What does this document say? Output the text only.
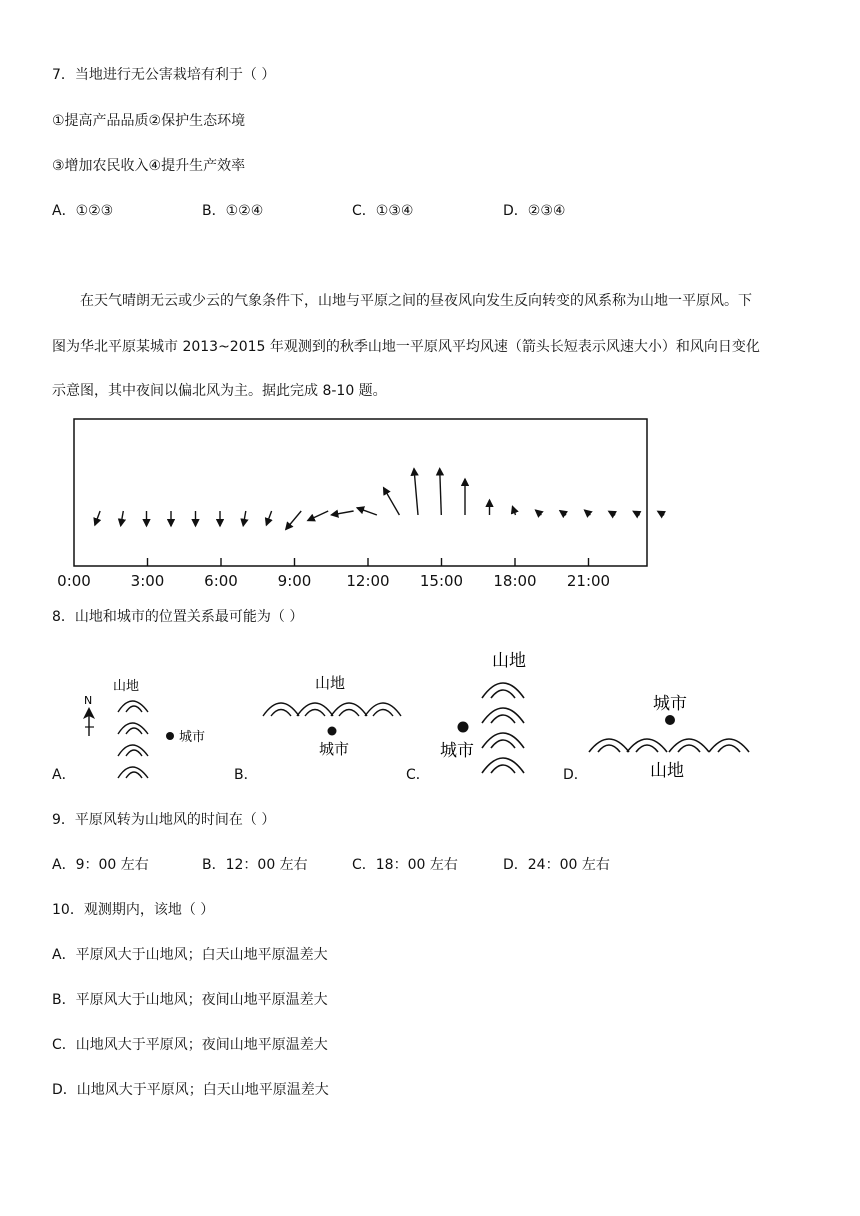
7．当地进行无公害栽培有利于（ ）
①提高产品品质②保护生态环境
③增加农民收入④提升生产效率
A．①②③	B．①②④	C．①③④	D．②③④
在天气晴朗无云或少云的气象条件下，山地与平原之间的昼夜风向发生反向转变的风系称为山地一平原风。下
图为华北平原某城市 2013~2015 年观测到的秋季山地一平原风平均风速（箭头长短表示风速大小）和风向日变化
示意图，其中夜间以偏北风为主。据此完成 8-10 题。
0:00	3:00	6:00	9:00 12:00 15:00 18:00 21:00
8．山地和城市的位置关系最可能为（ ）
A．	B．	C．	D．
N
山地
城市
山地
城市
山地
城市
城市
山地
9．平原风转为山地风的时间在（ ）
A．9：00 左右	B．12：00 左右	C．18：00 左右	D．24：00 左右
10．观测期内，该地（ ）
A．平原风大于山地风；白天山地平原温差大
B．平原风大于山地风；夜间山地平原温差大
C．山地风大于平原风；夜间山地平原温差大
D．山地风大于平原风；白天山地平原温差大
